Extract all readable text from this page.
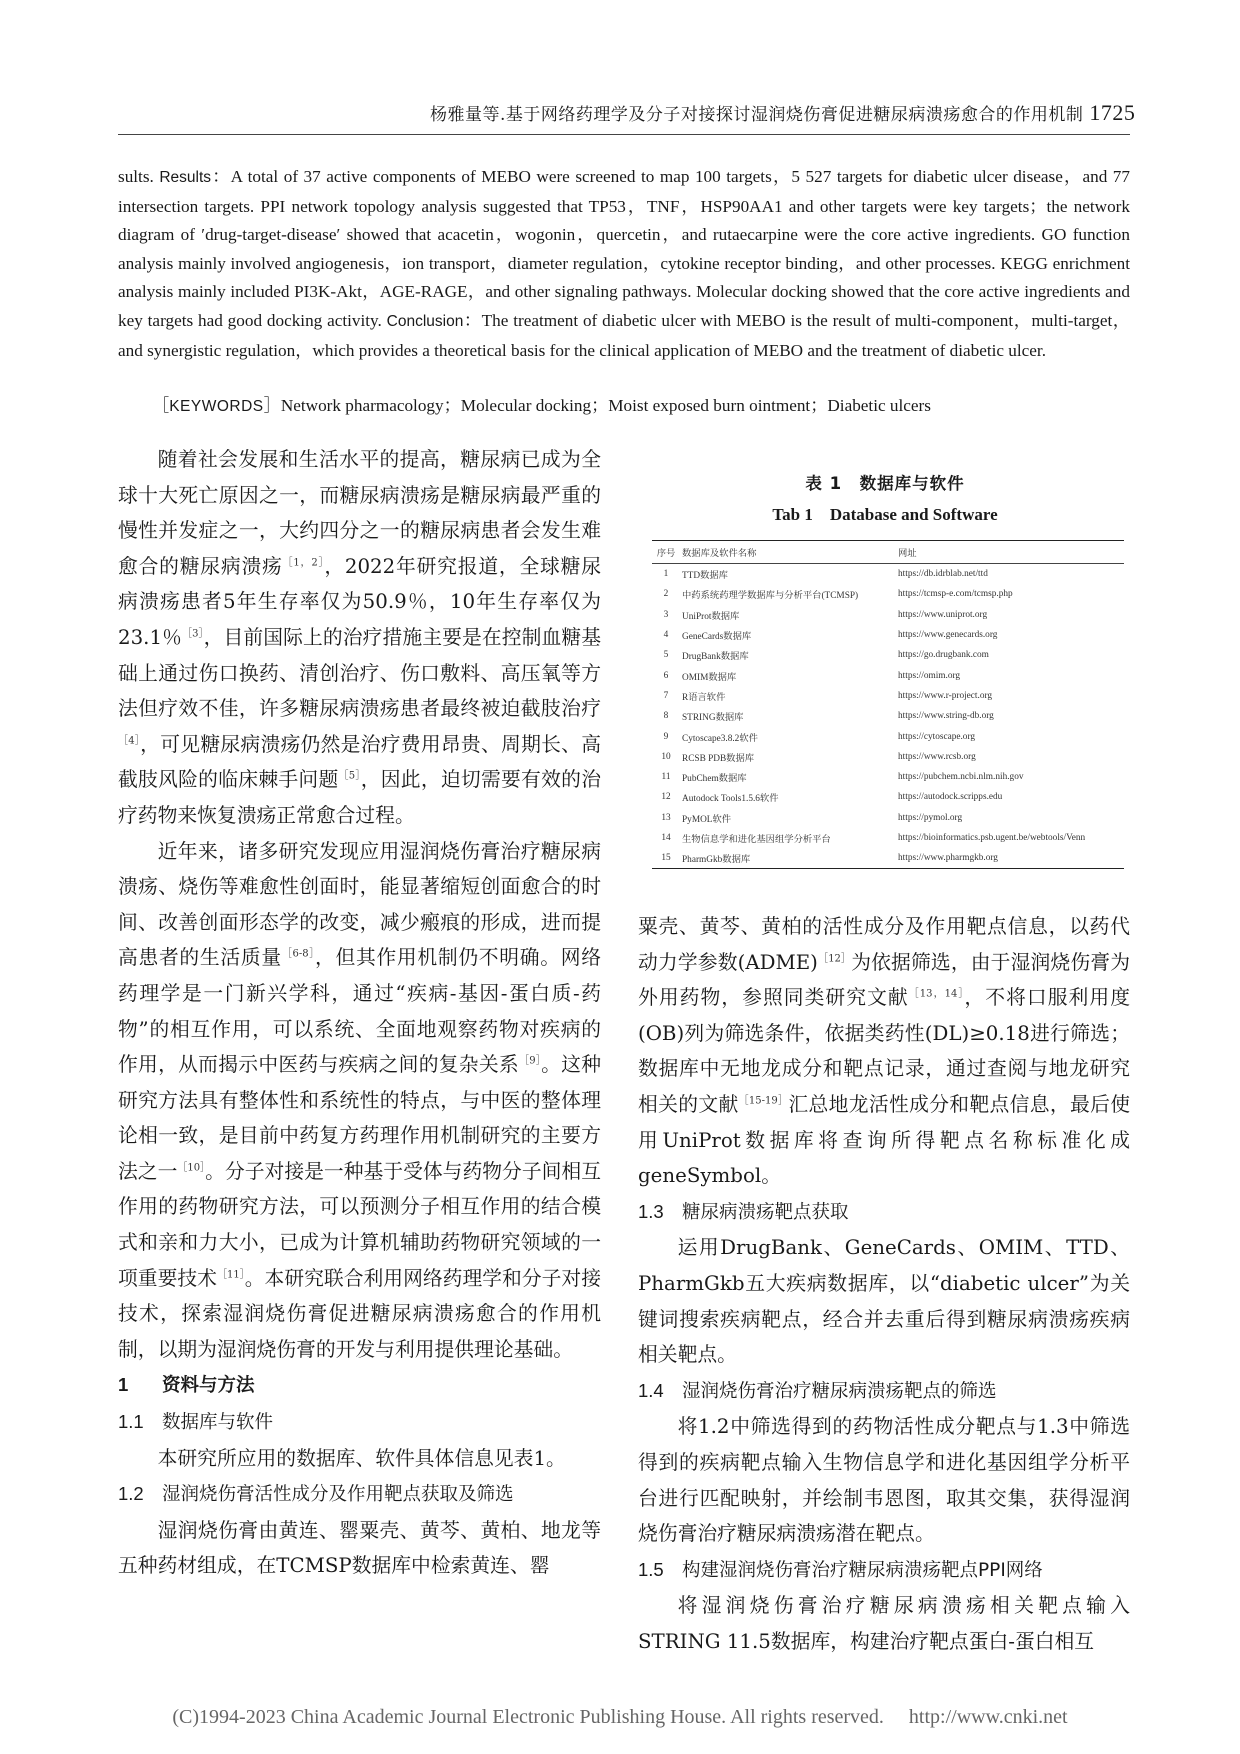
杨雅量等.基于网络药理学及分子对接探讨湿润烧伤膏促进糖尿病溃疡愈合的作用机制 1725
sults. Results：A total of 37 active components of MEBO were screened to map 100 targets，5 527 targets for diabetic ulcer disease，and 77 intersection targets. PPI network topology analysis suggested that TP53，TNF，HSP90AA1 and other targets were key targets；the network diagram of ′drug-target-disease′ showed that acacetin，wogonin，quercetin，and rutaecarpine were the core active ingredients. GO function analysis mainly involved angiogenesis，ion transport，diameter regulation，cytokine receptor binding，and other processes. KEGG enrichment analysis mainly included PI3K-Akt，AGE-RAGE，and other signaling pathways. Molecular docking showed that the core active ingredients and key targets had good docking activity. Conclusion：The treatment of diabetic ulcer with MEBO is the result of multi-component，multi-target，and synergistic regulation，which provides a theoretical basis for the clinical application of MEBO and the treatment of diabetic ulcer.
［KEYWORDS］Network pharmacology；Molecular docking；Moist exposed burn ointment；Diabetic ulcers

随着社会发展和生活水平的提高，糖尿病已成为全球十大死亡原因之一，而糖尿病溃疡是糖尿病最严重的慢性并发症之一，大约四分之一的糖尿病患者会发生难愈合的糖尿病溃疡$^{[1,2]}$，2022年研究报道，全球糖尿病溃疡患者5年生存率仅为50.9％，10年生存率仅为23.1％$^{[3]}$，目前国际上的治疗措施主要是在控制血糖基础上通过伤口换药、清创治疗、伤口敷料、高压氧等方法但疗效不佳，许多糖尿病溃疡患者最终被迫截肢治疗$^{[4]}$，可见糖尿病溃疡仍然是治疗费用昂贵、周期长、高截肢风险的临床棘手问题$^{[5]}$，因此，迫切需要有效的治疗药物来恢复溃疡正常愈合过程。

近年来，诸多研究发现应用湿润烧伤膏治疗糖尿病溃疡、烧伤等难愈性创面时，能显著缩短创面愈合的时间、改善创面形态学的改变，减少瘢痕的形成，进而提高患者的生活质量$^{[6-8]}$，但其作用机制仍不明确。网络药理学是一门新兴学科，通过“疾病-基因-蛋白质-药物”的相互作用，可以系统、全面地观察药物对疾病的作用，从而揭示中医药与疾病之间的复杂关系$^{[9]}$。这种研究方法具有整体性和系统性的特点，与中医的整体理论相一致，是目前中药复方药理作用机制研究的主要方法之一$^{[10]}$。分子对接是一种基于受体与药物分子间相互作用的药物研究方法，可以预测分子相互作用的结合模式和亲和力大小，已成为计算机辅助药物研究领域的一项重要技术$^{[11]}$。本研究联合利用网络药理学和分子对接技术，探索湿润烧伤膏促进糖尿病溃疡愈合的作用机制，以期为湿润烧伤膏的开发与利用提供理论基础。

1 资料与方法
1.1 数据库与软件

本研究所应用的数据库、软件具体信息见表1。

1.2 湿润烧伤膏活性成分及作用靶点获取及筛选

湿润烧伤膏由黄连、罂粟壳、黄芩、黄柏、地龙等五种药材组成，在TCMSP数据库中检索黄连、罂

表 1　数据库与软件
Tab 1　Database and Software
序号	数据库及软件名称	网址
1	TTD数据库	https://db.idrblab.net/ttd
2	中药系统药理学数据库与分析平台(TCMSP)	https://tcmsp-e.com/tcmsp.php
3	UniProt数据库	https://www.uniprot.org
4	GeneCards数据库	https://www.genecards.org
5	DrugBank数据库	https://go.drugbank.com
6	OMIM数据库	https://omim.org
7	R语言软件	https://www.r-project.org
8	STRING数据库	https://www.string-db.org
9	Cytoscape3.8.2软件	https://cytoscape.org
10	RCSB PDB数据库	https://www.rcsb.org
11	PubChem数据库	https://pubchem.ncbi.nlm.nih.gov
12	Autodock Tools1.5.6软件	https://autodock.scripps.edu
13	PyMOL软件	https://pymol.org
14	生物信息学和进化基因组学分析平台	https://bioinformatics.psb.ugent.be/webtools/Venn
15	PharmGkb数据库	https://www.pharmgkb.org

粟壳、黄芩、黄柏的活性成分及作用靶点信息，以药代动力学参数(ADME)$^{[12]}$为依据筛选，由于湿润烧伤膏为外用药物，参照同类研究文献$^{[13,14]}$，不将口服利用度(OB)列为筛选条件，依据类药性(DL)≥0.18进行筛选；数据库中无地龙成分和靶点记录，通过查阅与地龙研究相关的文献$^{[15-19]}$汇总地龙活性成分和靶点信息，最后使用UniProt数据库将查询所得靶点名称标准化成geneSymbol。

1.3 糖尿病溃疡靶点获取

运用DrugBank、GeneCards、OMIM、TTD、PharmGkb五大疾病数据库，以“diabetic ulcer”为关键词搜索疾病靶点，经合并去重后得到糖尿病溃疡疾病相关靶点。

1.4 湿润烧伤膏治疗糖尿病溃疡靶点的筛选

将1.2中筛选得到的药物活性成分靶点与1.3中筛选得到的疾病靶点输入生物信息学和进化基因组学分析平台进行匹配映射，并绘制韦恩图，取其交集，获得湿润烧伤膏治疗糖尿病溃疡潜在靶点。

1.5 构建湿润烧伤膏治疗糖尿病溃疡靶点PPI网络

将湿润烧伤膏治疗糖尿病溃疡相关靶点输入STRING 11.5数据库，构建治疗靶点蛋白-蛋白相互

(C)1994-2023 China Academic Journal Electronic Publishing House. All rights reserved.　 http://www.cnki.net
